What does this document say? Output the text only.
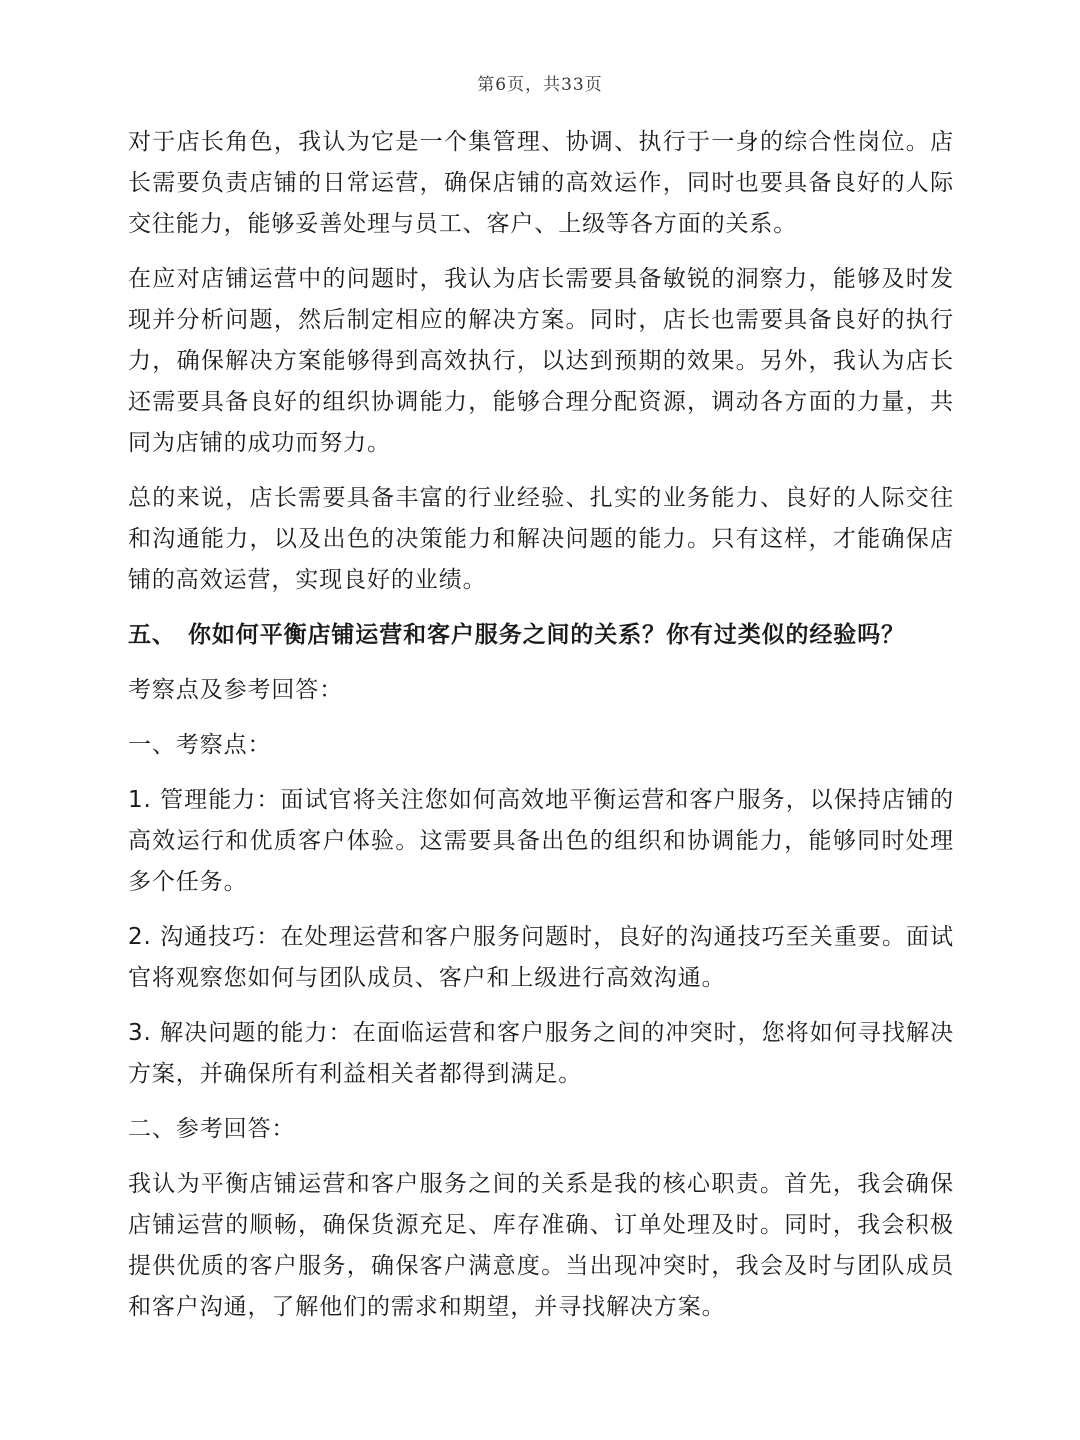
第6页，共33页

对于店长角色，我认为它是一个集管理、协调、执行于一身的综合性岗位。店长需要负责店铺的日常运营，确保店铺的高效运作，同时也要具备良好的人际交往能力，能够妥善处理与员工、客户、上级等各方面的关系。

在应对店铺运营中的问题时，我认为店长需要具备敏锐的洞察力，能够及时发现并分析问题，然后制定相应的解决方案。同时，店长也需要具备良好的执行力，确保解决方案能够得到高效执行，以达到预期的效果。另外，我认为店长还需要具备良好的组织协调能力，能够合理分配资源，调动各方面的力量，共同为店铺的成功而努力。

总的来说，店长需要具备丰富的行业经验、扎实的业务能力、良好的人际交往和沟通能力，以及出色的决策能力和解决问题的能力。只有这样，才能确保店铺的高效运营，实现良好的业绩。

五、 你如何平衡店铺运营和客户服务之间的关系？你有过类似的经验吗？
考察点及参考回答：
一、考察点：

1. 管理能力：面试官将关注您如何高效地平衡运营和客户服务，以保持店铺的高效运行和优质客户体验。这需要具备出色的组织和协调能力，能够同时处理多个任务。

2. 沟通技巧：在处理运营和客户服务问题时，良好的沟通技巧至关重要。面试官将观察您如何与团队成员、客户和上级进行高效沟通。

3. 解决问题的能力：在面临运营和客户服务之间的冲突时，您将如何寻找解决方案，并确保所有利益相关者都得到满足。

二、参考回答：

我认为平衡店铺运营和客户服务之间的关系是我的核心职责。首先，我会确保店铺运营的顺畅，确保货源充足、库存准确、订单处理及时。同时，我会积极提供优质的客户服务，确保客户满意度。当出现冲突时，我会及时与团队成员和客户沟通，了解他们的需求和期望，并寻找解决方案。
